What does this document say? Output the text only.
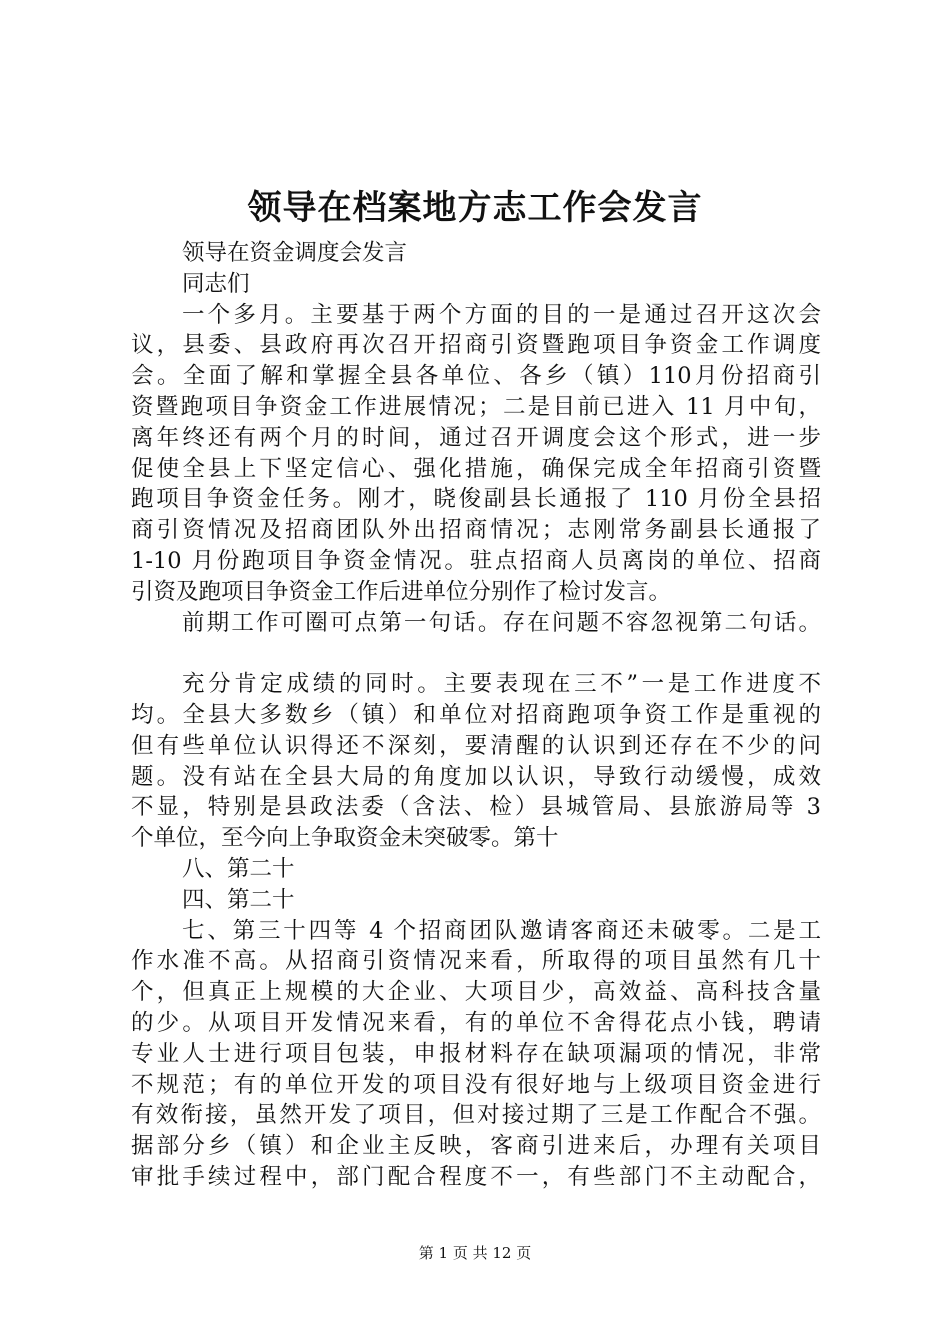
领导在档案地方志工作会发言
领导在资金调度会发言
同志们
一个多月。主要基于两个方面的目的一是通过召开这次会
议，县委、县政府再次召开招商引资暨跑项目争资金工作调度
会。全面了解和掌握全县各单位、各乡（镇）110月份招商引
资暨跑项目争资金工作进展情况；二是目前已进入 11 月中旬，
离年终还有两个月的时间，通过召开调度会这个形式，进一步
促使全县上下坚定信心、强化措施，确保完成全年招商引资暨
跑项目争资金任务。刚才，晓俊副县长通报了 110 月份全县招
商引资情况及招商团队外出招商情况；志刚常务副县长通报了
1-10 月份跑项目争资金情况。驻点招商人员离岗的单位、招商
引资及跑项目争资金工作后进单位分别作了检讨发言。
前期工作可圈可点第一句话。存在问题不容忽视第二句话。
充分肯定成绩的同时。主要表现在三不”一是工作进度不
均。全县大多数乡（镇）和单位对招商跑项争资工作是重视的
但有些单位认识得还不深刻，要清醒的认识到还存在不少的问
题。没有站在全县大局的角度加以认识，导致行动缓慢，成效
不显，特别是县政法委（含法、检）县城管局、县旅游局等 3
个单位，至今向上争取资金未突破零。第十
八、第二十
四、第二十
七、第三十四等 4 个招商团队邀请客商还未破零。二是工
作水准不高。从招商引资情况来看，所取得的项目虽然有几十
个，但真正上规模的大企业、大项目少，高效益、高科技含量
的少。从项目开发情况来看，有的单位不舍得花点小钱，聘请
专业人士进行项目包装，申报材料存在缺项漏项的情况，非常
不规范；有的单位开发的项目没有很好地与上级项目资金进行
有效衔接，虽然开发了项目，但对接过期了三是工作配合不强。
据部分乡（镇）和企业主反映，客商引进来后，办理有关项目
审批手续过程中，部门配合程度不一，有些部门不主动配合，
第 1 页 共 12 页
